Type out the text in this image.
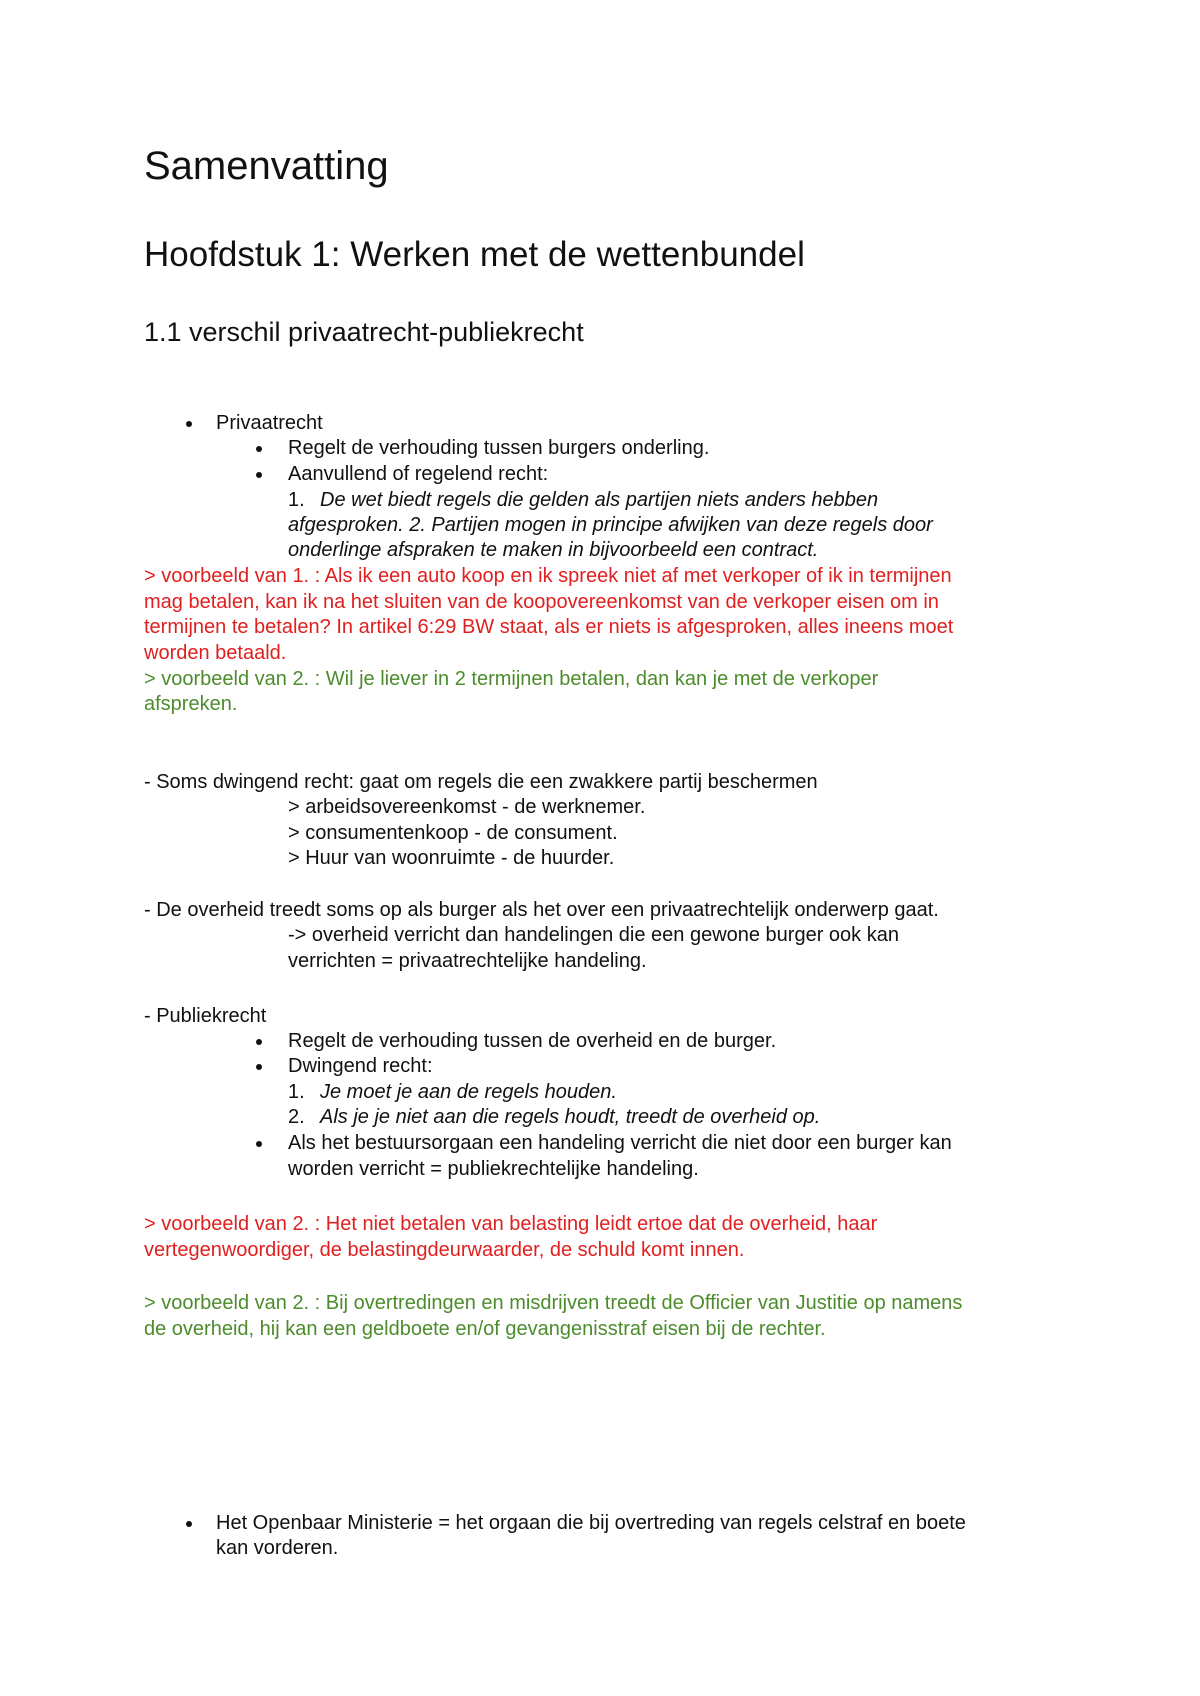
Samenvatting
Hoofdstuk 1: Werken met de wettenbundel
1.1 verschil privaatrecht-publiekrecht
Privaatrecht
Regelt de verhouding tussen burgers onderling.
Aanvullend of regelend recht:
1. De wet biedt regels die gelden als partijen niets anders hebben
afgesproken. 2. Partijen mogen in principe afwijken van deze regels door
onderlinge afspraken te maken in bijvoorbeeld een contract.
> voorbeeld van 1. : Als ik een auto koop en ik spreek niet af met verkoper of ik in termijnen
mag betalen, kan ik na het sluiten van de koopovereenkomst van de verkoper eisen om in
termijnen te betalen? In artikel 6:29 BW staat, als er niets is afgesproken, alles ineens moet
worden betaald.
> voorbeeld van 2. : Wil je liever in 2 termijnen betalen, dan kan je met de verkoper
afspreken.
- Soms dwingend recht: gaat om regels die een zwakkere partij beschermen
> arbeidsovereenkomst - de werknemer.
> consumentenkoop - de consument.
> Huur van woonruimte - de huurder.
- De overheid treedt soms op als burger als het over een privaatrechtelijk onderwerp gaat.
-> overheid verricht dan handelingen die een gewone burger ook kan
verrichten = privaatrechtelijke handeling.
- Publiekrecht
Regelt de verhouding tussen de overheid en de burger.
Dwingend recht:
1. Je moet je aan de regels houden.
2. Als je je niet aan die regels houdt, treedt de overheid op.
Als het bestuursorgaan een handeling verricht die niet door een burger kan
worden verricht = publiekrechtelijke handeling.
> voorbeeld van 2. : Het niet betalen van belasting leidt ertoe dat de overheid, haar
vertegenwoordiger, de belastingdeurwaarder, de schuld komt innen.
> voorbeeld van 2. : Bij overtredingen en misdrijven treedt de Officier van Justitie op namens
de overheid, hij kan een geldboete en/of gevangenisstraf eisen bij de rechter.
Het Openbaar Ministerie = het orgaan die bij overtreding van regels celstraf en boete
kan vorderen.
